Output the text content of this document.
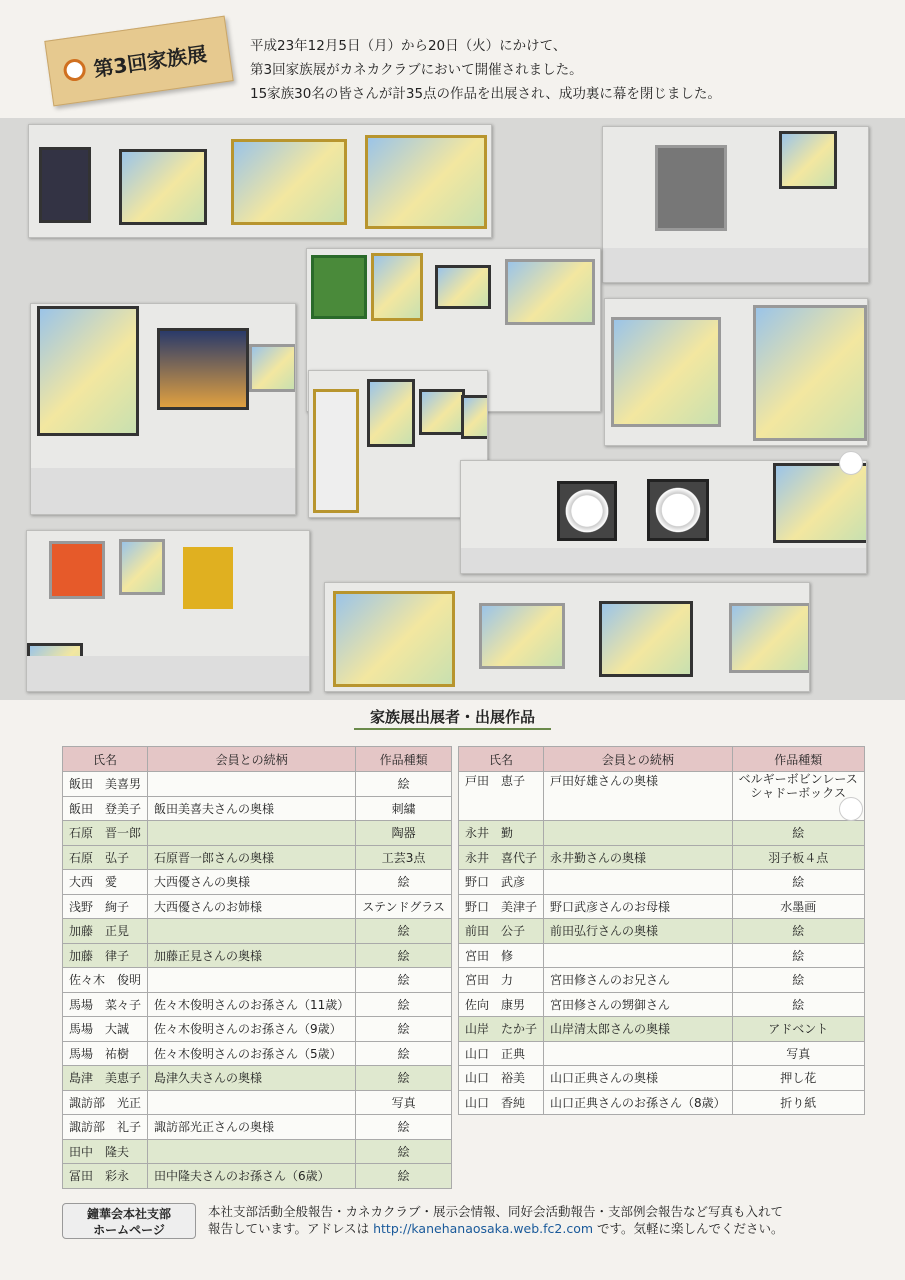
第3回家族展	平成23年12月5日（月）から20日（火）にかけて、
第3回家族展がカネカクラブにおいて開催されました。
15家族30名の皆さんが計35点の作品を出展され、成功裏に幕を閉じました。
家族展出展者・出展作品
氏名	会員との続柄	作品種類
飯田　美喜男		絵
飯田　登美子	飯田美喜夫さんの奥様	刺繍
石原　晋一郎		陶器
石原　弘子	石原晋一郎さんの奥様	工芸3点
大西　愛	大西優さんの奥様	絵
浅野　絢子	大西優さんのお姉様	ステンドグラス
加藤　正見		絵
加藤　律子	加藤正見さんの奥様	絵
佐々木　俊明		絵
馬場　菜々子	佐々木俊明さんのお孫さん（11歳）	絵
馬場　大誠	佐々木俊明さんのお孫さん（9歳）	絵
馬場　祐樹	佐々木俊明さんのお孫さん（5歳）	絵
島津　美恵子	島津久夫さんの奥様	絵
諏訪部　光正		写真
諏訪部　礼子	諏訪部光正さんの奥様	絵
田中　隆夫		絵
冨田　彩永	田中隆夫さんのお孫さん（6歳）	絵
氏名	会員との続柄	作品種類
戸田　恵子	戸田好雄さんの奥様	ベルギーボビンレース
シャドーボックス

永井　勤		絵
永井　喜代子	永井勤さんの奥様	羽子板４点
野口　武彦		絵
野口　美津子	野口武彦さんのお母様	水墨画
前田　公子	前田弘行さんの奥様	絵
宮田　修		絵
宮田　力	宮田修さんのお兄さん	絵
佐向　康男	宮田修さんの甥御さん	絵
山岸　たか子	山岸清太郎さんの奥様	アドベント
山口　正典		写真
山口　裕美	山口正典さんの奥様	押し花
山口　香純	山口正典さんのお孫さん（8歳）	折り紙
鐘華会本社支部
ホームページ
本社支部活動全般報告・カネカクラブ・展示会情報、同好会活動報告・支部例会報告など写真も入れて
報告しています。アドレスは http://kanehanaosaka.web.fc2.com です。気軽に楽しんでください。
